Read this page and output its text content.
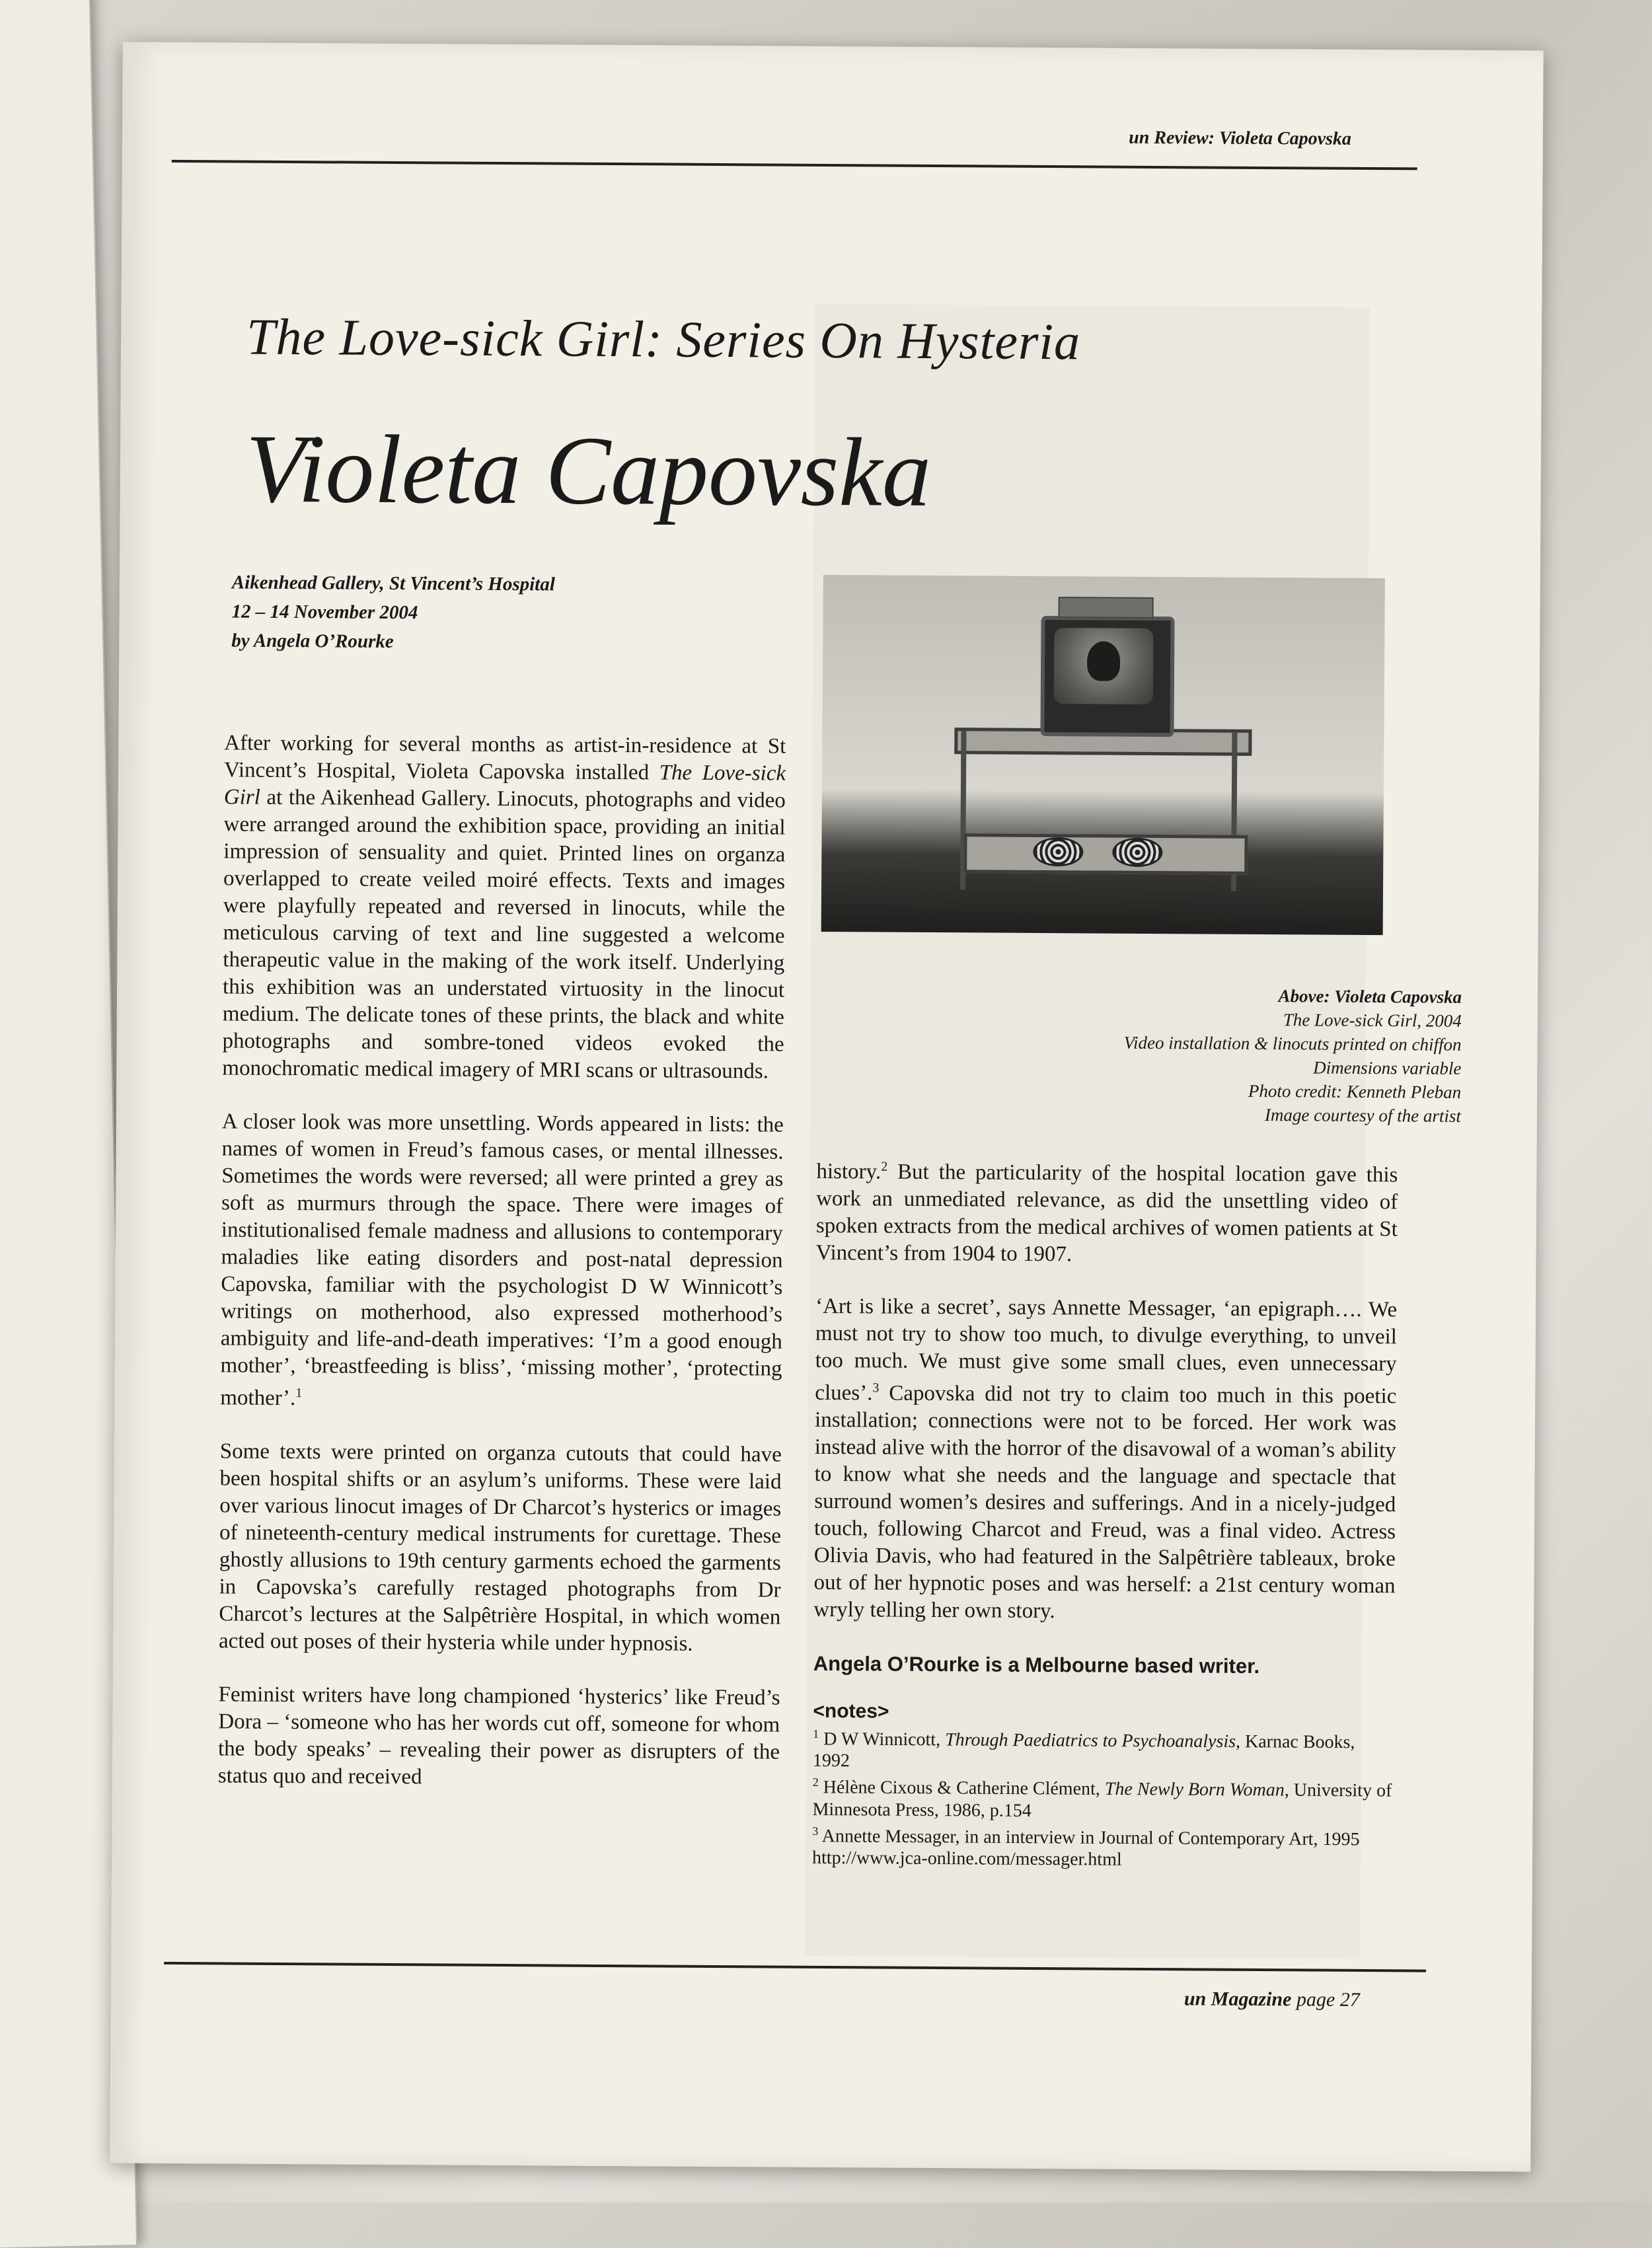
un Review: Violeta Capovska
The Love-sick Girl: Series On Hysteria
Violeta Capovska
Aikenhead Gallery, St Vincent’s Hospital
12 – 14 November 2004
by Angela O’Rourke
Above: Violeta Capovska
The Love-sick Girl, 2004
Video installation & linocuts printed on chiffon
Dimensions variable
Photo credit: Kenneth Pleban
Image courtesy of the artist

After working for several months as artist-in-residence at St Vincent’s Hospital, Violeta Capovska installed The Love-sick Girl at the Aikenhead Gallery. Linocuts, photographs and video were arranged around the exhibition space, providing an initial impression of sensuality and quiet. Printed lines on organza overlapped to create veiled moiré effects. Texts and images were playfully repeated and reversed in linocuts, while the meticulous carving of text and line suggested a welcome therapeutic value in the making of the work itself. Underlying this exhibition was an understated virtuosity in the linocut medium. The delicate tones of these prints, the black and white photographs and sombre-toned videos evoked the monochromatic medical imagery of MRI scans or ultrasounds.

A closer look was more unsettling. Words appeared in lists: the names of women in Freud’s famous cases, or mental illnesses. Sometimes the words were reversed; all were printed a grey as soft as murmurs through the space. There were images of institutionalised female madness and allusions to contemporary maladies like eating disorders and post-natal depression Capovska, familiar with the psychologist D W Winnicott’s writings on motherhood, also expressed motherhood’s ambiguity and life-and-death imperatives: ‘I’m a good enough mother’, ‘breastfeeding is bliss’, ‘missing mother’, ‘protecting mother’.$^1$

Some texts were printed on organza cutouts that could have been hospital shifts or an asylum’s uniforms. These were laid over various linocut images of Dr Charcot’s hysterics or images of nineteenth-century medical instruments for curettage. These ghostly allusions to 19th century garments echoed the garments in Capovska’s carefully restaged photographs from Dr Charcot’s lectures at the Salpêtrière Hospital, in which women acted out poses of their hysteria while under hypnosis.

Feminist writers have long championed ‘hysterics’ like Freud’s Dora – ‘someone who has her words cut off, someone for whom the body speaks’ – revealing their power as disrupters of the status quo and received

history.$^2$ But the particularity of the hospital location gave this work an unmediated relevance, as did the unsettling video of spoken extracts from the medical archives of women patients at St Vincent’s from 1904 to 1907.

‘Art is like a secret’, says Annette Messager, ‘an epigraph…. We must not try to show too much, to divulge everything, to unveil too much. We must give some small clues, even unnecessary clues’.$^3$ Capovska did not try to claim too much in this poetic installation; connections were not to be forced. Her work was instead alive with the horror of the disavowal of a woman’s ability to know what she needs and the language and spectacle that surround women’s desires and sufferings. And in a nicely-judged touch, following Charcot and Freud, was a final video. Actress Olivia Davis, who had featured in the Salpêtrière tableaux, broke out of her hypnotic poses and was herself: a 21st century woman wryly telling her own story.

Angela O’Rourke is a Melbourne based writer.
<notes>

$^1$ D W Winnicott, Through Paediatrics to Psychoanalysis, Karnac Books, 1992

$^2$ Hélène Cixous & Catherine Clément, The Newly Born Woman, University of Minnesota Press, 1986, p.154

$^3$ Annette Messager, in an interview in Journal of Contemporary Art, 1995

http://www.jca-online.com/messager.html

un Magazine page 27
